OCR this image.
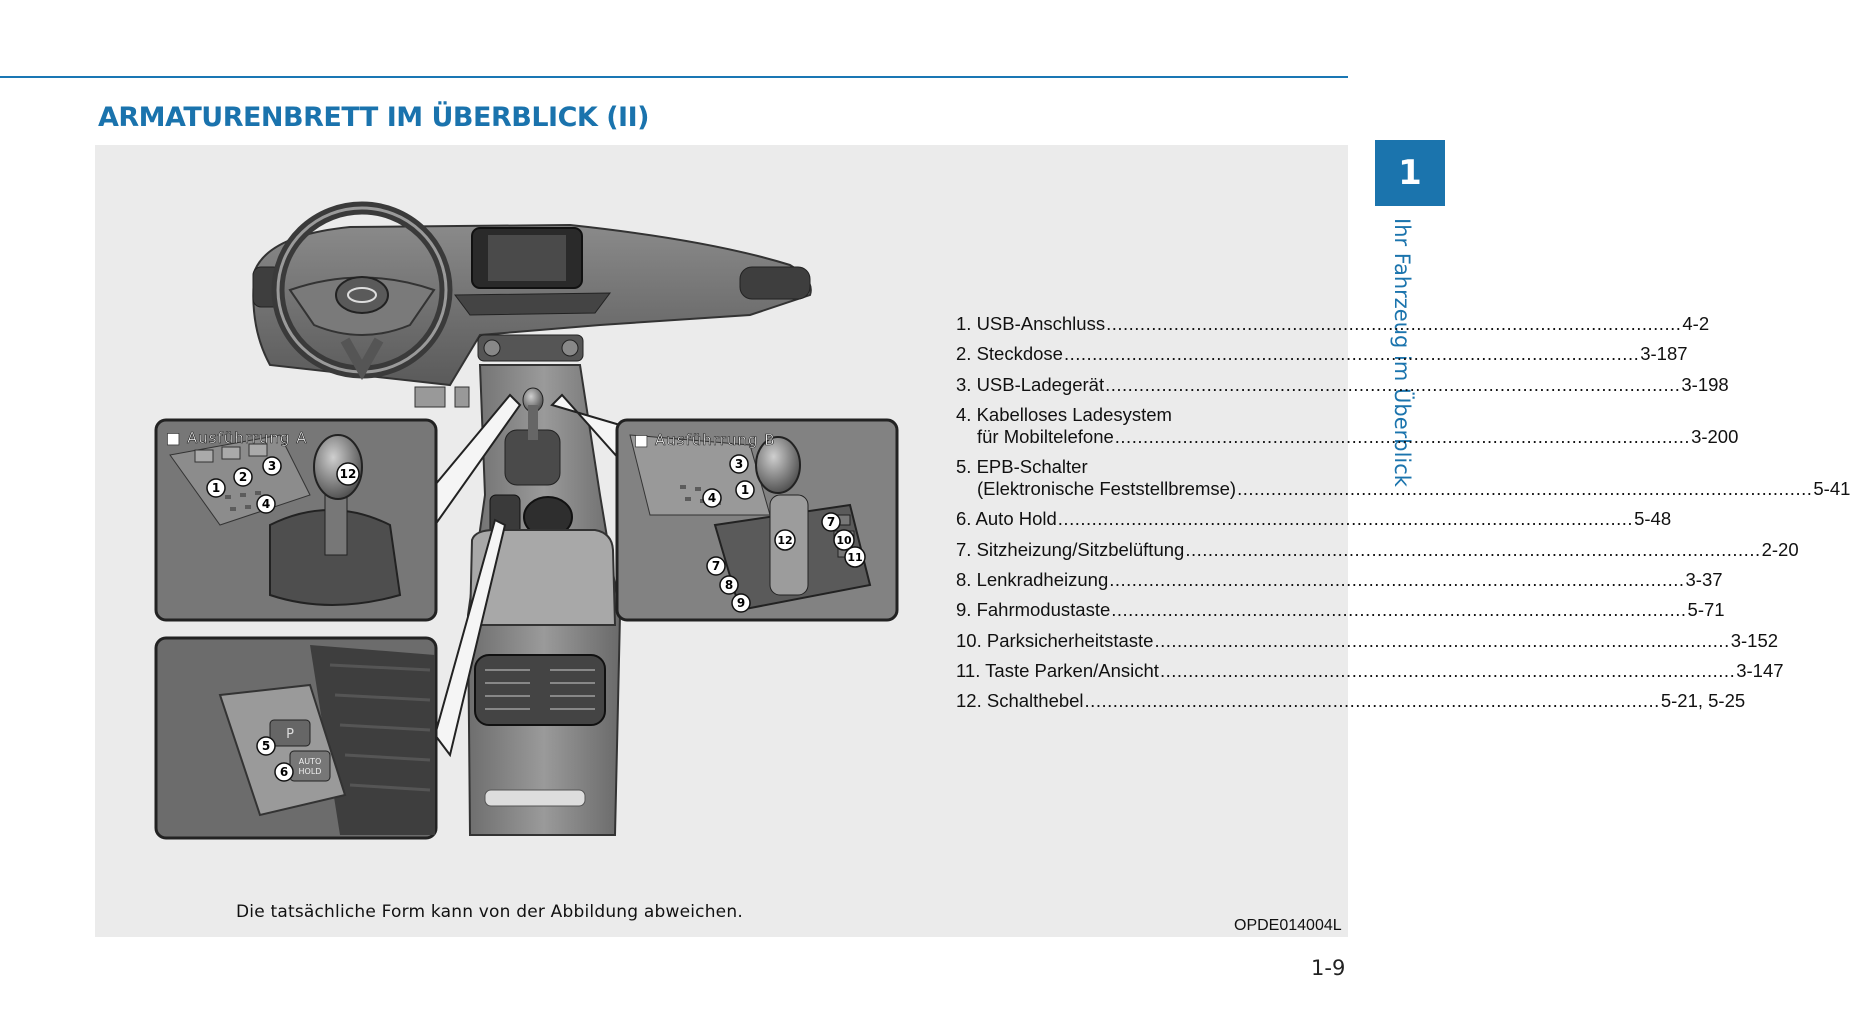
ARMATURENBRETT IM ÜBERBLICK (II)
1
Ihr Fahrzeug im Überblick
■ Ausführrung A	■ Ausführrung B
P
AUTO
HOLD
1
2
3
4
12
3
1
4
7
10
11
12
7
8
9
5
6
1. USB-Anschluss .....	4-2
2. Steckdose .....	3-187
3. USB-Ladegerät .....	3-198
4. Kabelloses Ladesystem
für Mobiltelefone .....	3-200
5. EPB-Schalter
(Elektronische Feststellbremse) .....	5-41
6. Auto Hold .....	5-48
7. Sitzheizung/Sitzbelüftung .....	2-20
8. Lenkradheizung .....	3-37
9. Fahrmodustaste .....	5-71
10. Parksicherheitstaste .....	3-152
11. Taste Parken/Ansicht .....	3-147
12. Schalthebel .....	5-21, 5-25
Die tatsächliche Form kann von der Abbildung abweichen.
OPDE014004L
1-9
